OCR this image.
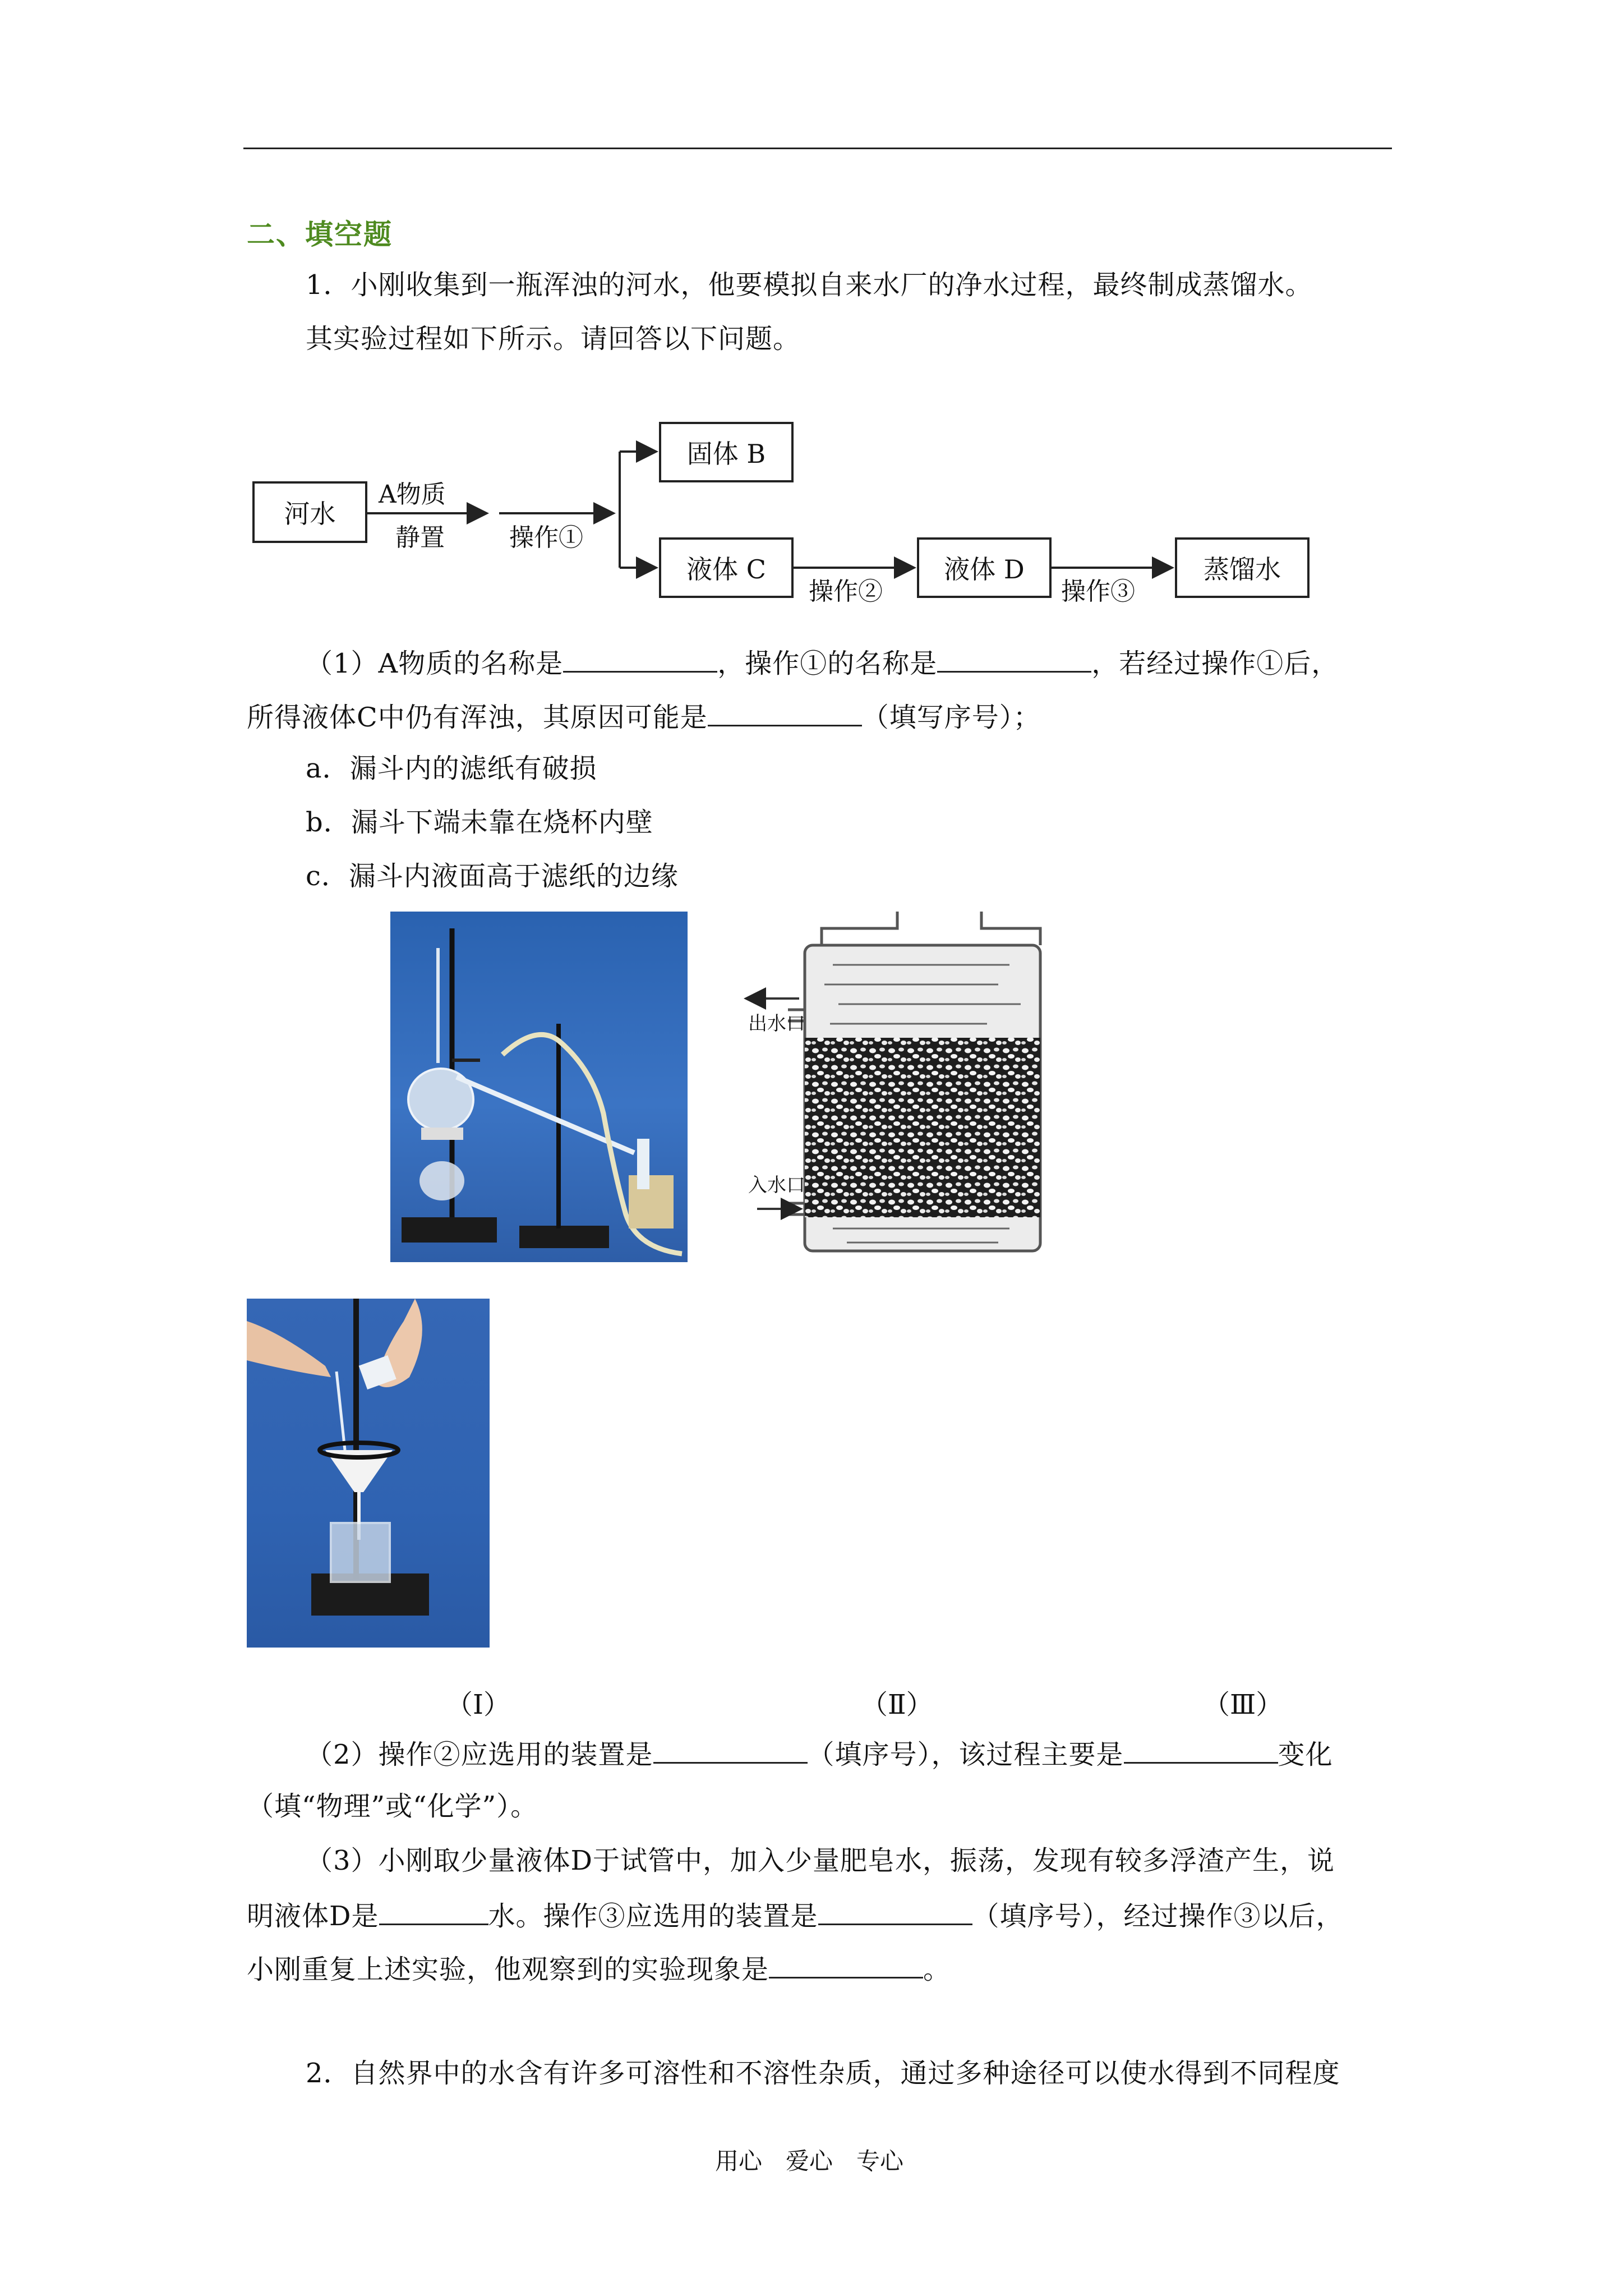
二、填空题
1．小刚收集到一瓶浑浊的河水，他要模拟自来水厂的净水过程，最终制成蒸馏水。
其实验过程如下所示。请回答以下问题。
河水
A物质
静置	操作①
固体 B
液体 C
操作②
液体 D
操作③
蒸馏水
（1）A物质的名称是	，操作①的名称是	，若经过操作①后，
所得液体C中仍有浑浊，其原因可能是	（填写序号）；
a．漏斗内的滤纸有破损
b．漏斗下端未靠在烧杯内壁
c．漏斗内液面高于滤纸的边缘
出水口
入水口
（Ⅰ）	（Ⅱ）	（Ⅲ）
（2）操作②应选用的装置是	（填序号），该过程主要是	变化
（填“物理”或“化学”）。
（3）小刚取少量液体D于试管中，加入少量肥皂水，振荡，发现有较多浮渣产生，说
明液体D是	水。操作③应选用的装置是	（填序号），经过操作③以后，
小刚重复上述实验，他观察到的实验现象是	。
2．自然界中的水含有许多可溶性和不溶性杂质，通过多种途径可以使水得到不同程度
用心　爱心　专心
